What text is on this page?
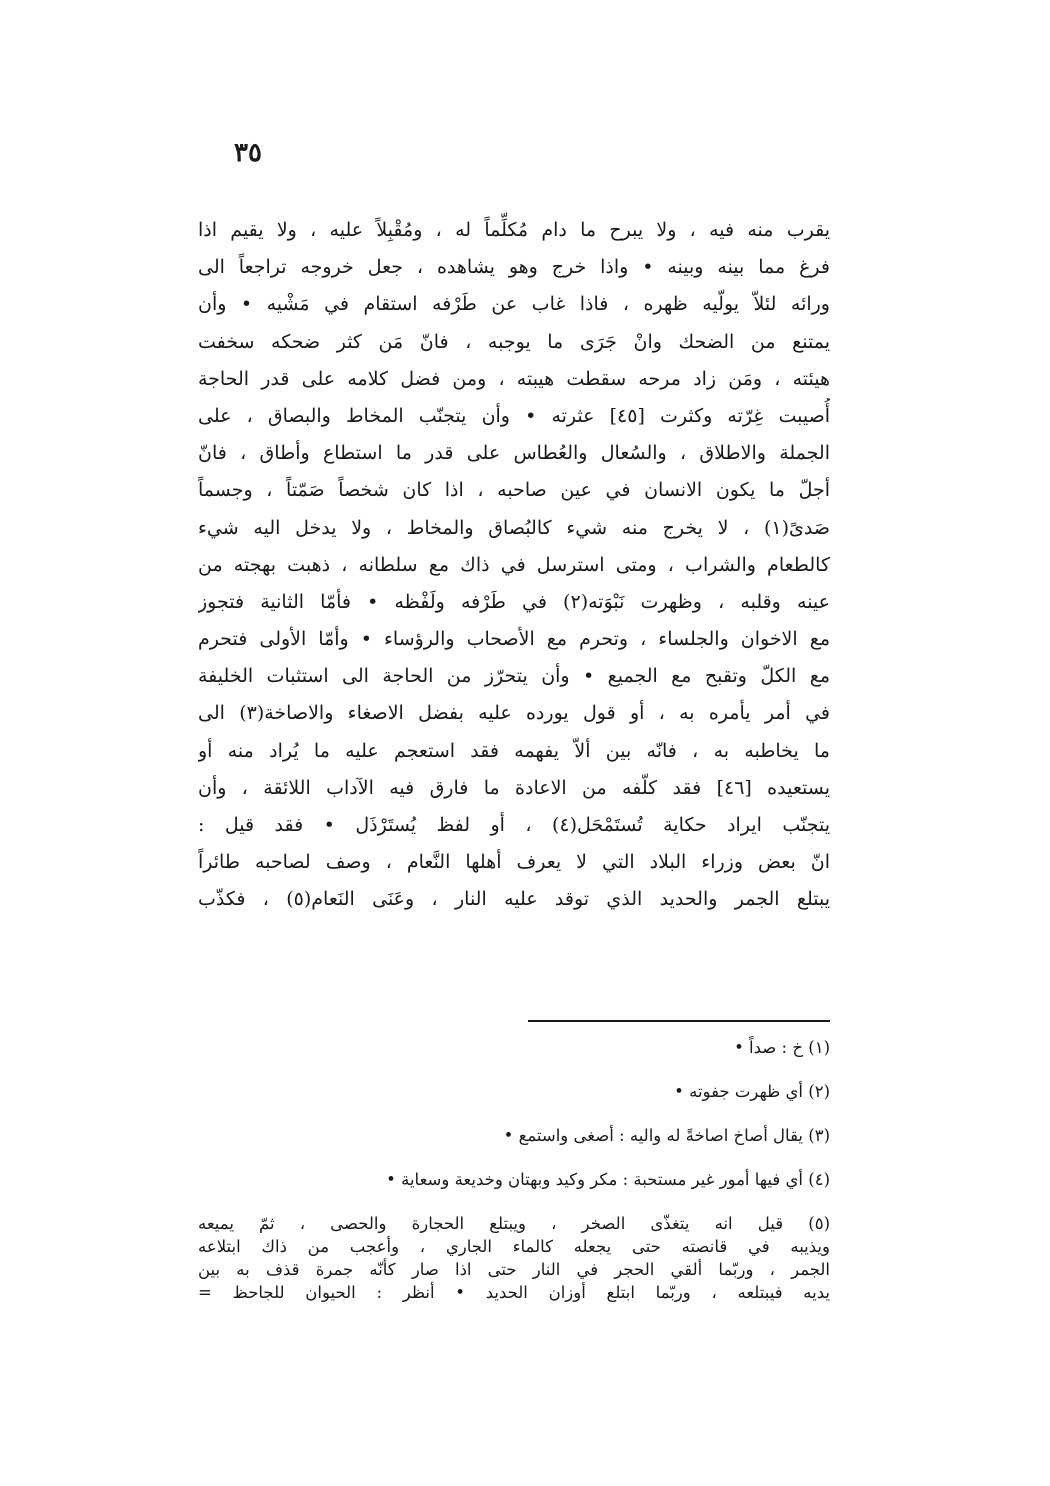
٣٥
يقرب منه فيه ، ولا يبرح ما دام مُكلِّماً له ، ومُقْبِلاً عليه ، ولا يقيم اذا
فرغ مما بينه وبينه • واذا خرج وهو يشاهده ، جعل خروجه تراجعاً الى
ورائه لئلاّ يولّيه ظهره ، فاذا غاب عن طَرْفه استقام في مَشْيه • وأن
يمتنع من الضحك وانْ جَرَى ما يوجبه ، فانّ مَن كثر ضحكه سخفت
هيئته ، ومَن زاد مرحه سقطت هيبته ، ومن فضل كلامه على قدر الحاجة
أُصيبت غِرّته وكثرت [٤٥] عثرته • وأن يتجنّب المخاط والبصاق ، على
الجملة والاطلاق ، والسُعال والعُطاس على قدر ما استطاع وأطاق ، فانّ
أجلّ ما يكون الانسان في عين صاحبه ، اذا كان شخصاً صَمّتاً ، وجسماً
صَدى‌ً(١) ، لا يخرج منه شيء كالبُصاق والمخاط ، ولا يدخل اليه شيء
كالطعام والشراب ، ومتى استرسل في ذاك مع سلطانه ، ذهبت بهجته من
عينه وقلبه ، وظهرت نَبْوَته(٢) في طَرْفه ولَفْظه • فأمّا الثانية فتجوز
مع الاخوان والجلساء ، وتحرم مع الأصحاب والرؤساء • وأمّا الأولى فتحرم
مع الكلّ وتقبح مع الجميع • وأن يتحرّز من الحاجة الى استثبات الخليفة
في أمر يأمره به ، أو قول يورده عليه بفضل الاصغاء والاصاخة(٣) الى
ما يخاطبه به ، فانّه بين ألاّ يفهمه فقد استعجم عليه ما يُراد منه أو
يستعيده [٤٦] فقد كلّفه من الاعادة ما فارق فيه الآداب اللائقة ، وأن
يتجنّب ايراد حكاية تُستَمْحَل(٤) ، أو لفظ يُستَرْذَل • فقد قيل :
انّ بعض وزراء البلاد التي لا يعرف أهلها النَّعام ، وصف لصاحبه طائراً
يبتلع الجمر والحديد الذي توقد عليه النار ، وعَنَى النَعام(٥) ، فكذّب
(١) خ : صداً •
(٢) أي ظهرت جفوته •
(٣) يقال أصاخ اصاخةً له واليه : أصغى واستمع •
(٤) أي فيها أمور غير مستحبة : مكر وكيد وبهتان وخديعة وسعاية •
(٥) قيل انه يتغذّى الصخر ، ويبتلع الحجارة والحصى ، ثمّ يميعه
ويذيبه في قانصته حتى يجعله كالماء الجاري ، وأعجب من ذاك ابتلاعه
الجمر ، وربّما ألقي الحجر في النار حتى اذا صار كأنّه جمرة قذف به بين
يديه فيبتلعه ، وربّما ابتلع أوزان الحديد • أنظر : الحيوان للجاحظ =
